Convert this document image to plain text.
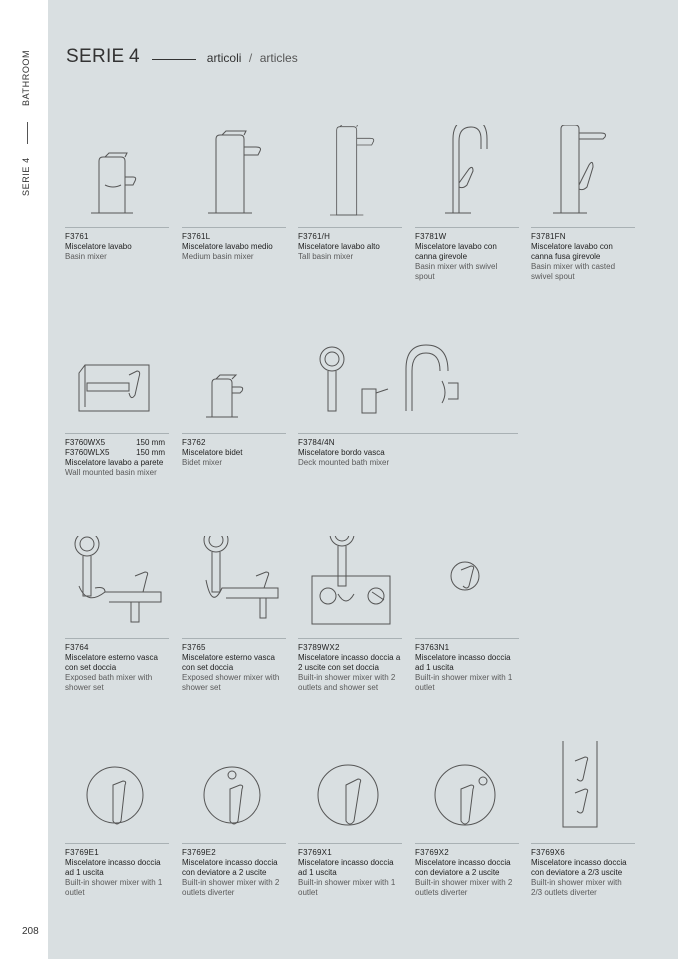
BATHROOM
SERIE 4
208
SERIE 4	articoli / articles
F3761
Miscelatore lavabo
Basin mixer
F3761L
Miscelatore lavabo medio
Medium basin mixer
F3761/H
Miscelatore lavabo alto
Tall basin mixer
F3781W
Miscelatore lavabo con canna girevole
Basin mixer with swivel spout
F3781FN
Miscelatore lavabo con canna fusa girevole
Basin mixer with casted swivel spout
F3760WX5	150 mm
F3760WLX5	150 mm
Miscelatore lavabo a parete
Wall mounted basin mixer
F3762
Miscelatore bidet
Bidet mixer
F3784/4N
Miscelatore bordo vasca
Deck mounted bath mixer
F3764
Miscelatore esterno vasca con set doccia
Exposed bath mixer with shower set
F3765
Miscelatore esterno vasca con set doccia
Exposed shower mixer with shower set
F3789WX2
Miscelatore incasso doccia a 2 uscite con set doccia
Built-in shower mixer with 2 outlets and shower set
F3763N1
Miscelatore incasso doccia ad 1 uscita
Built-in shower mixer with 1 outlet
F3769E1
Miscelatore incasso doccia ad 1 uscita
Built-in shower mixer with 1 outlet
F3769E2
Miscelatore incasso doccia con deviatore a 2 uscite
Built-in shower mixer with 2 outlets diverter
F3769X1
Miscelatore incasso doccia ad 1 uscita
Built-in shower mixer with 1 outlet
F3769X2
Miscelatore incasso doccia con deviatore a 2 uscite
Built-in shower mixer with 2 outlets diverter
F3769X6
Miscelatore incasso doccia con deviatore a 2/3 uscite
Built-in shower mixer with 2/3 outlets diverter
